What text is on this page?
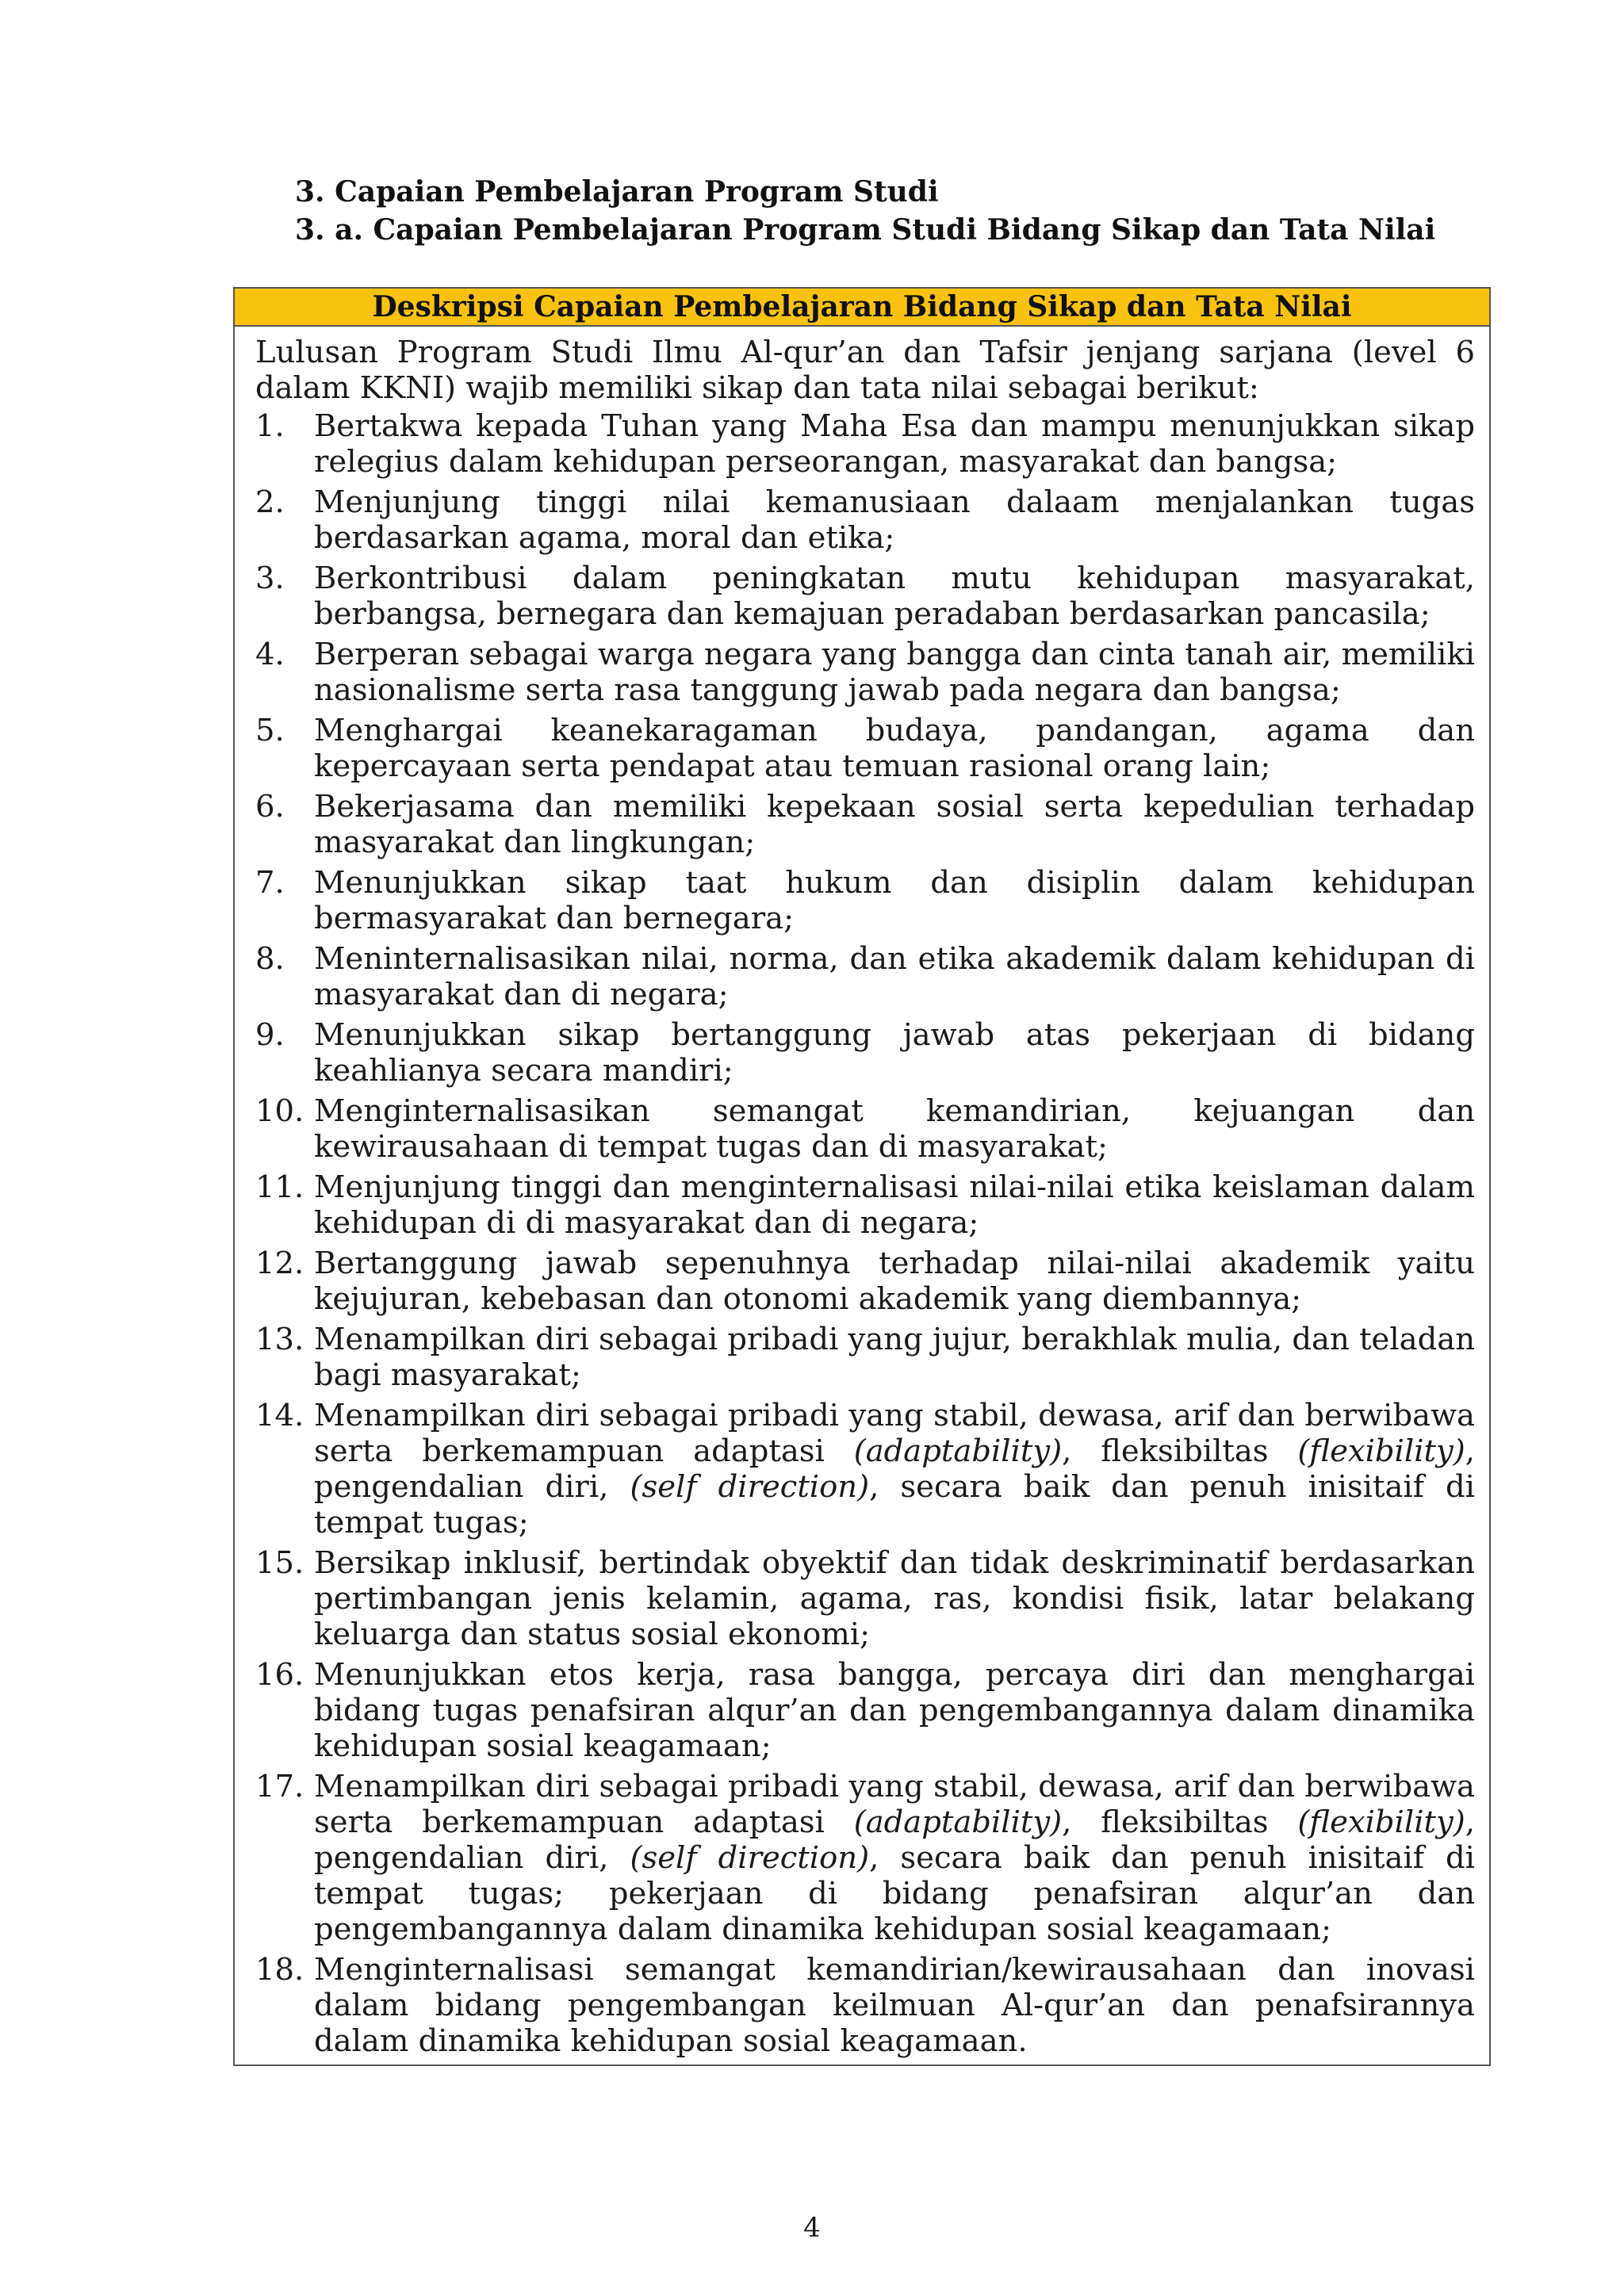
3. Capaian Pembelajaran Program Studi
3. a. Capaian Pembelajaran Program Studi Bidang Sikap dan Tata Nilai
Deskripsi Capaian Pembelajaran Bidang Sikap dan Tata Nilai
Lulusan Program Studi Ilmu Al-qur’an dan Tafsir jenjang sarjana (level 6 dalam KKNI) wajib memiliki sikap dan tata nilai sebagai berikut:
1. Bertakwa kepada Tuhan yang Maha Esa dan mampu menunjukkan sikap relegius dalam kehidupan perseorangan, masyarakat dan bangsa;
2. Menjunjung tinggi nilai kemanusiaan dalaam menjalankan tugas berdasarkan agama, moral dan etika;
3. Berkontribusi dalam peningkatan mutu kehidupan masyarakat, berbangsa, bernegara dan kemajuan peradaban berdasarkan pancasila;
4. Berperan sebagai warga negara yang bangga dan cinta tanah air, memiliki nasionalisme serta rasa tanggung jawab pada negara dan bangsa;
5. Menghargai keanekaragaman budaya, pandangan, agama dan kepercayaan serta pendapat atau temuan rasional orang lain;
6. Bekerjasama dan memiliki kepekaan sosial serta kepedulian terhadap masyarakat dan lingkungan;
7. Menunjukkan sikap taat hukum dan disiplin dalam kehidupan bermasyarakat dan bernegara;
8. Meninternalisasikan nilai, norma, dan etika akademik dalam kehidupan di masyarakat dan di negara;
9. Menunjukkan sikap bertanggung jawab atas pekerjaan di bidang keahlianya secara mandiri;
10. Menginternalisasikan semangat kemandirian, kejuangan dan kewirausahaan di tempat tugas dan di masyarakat;
11. Menjunjung tinggi dan menginternalisasi nilai-nilai etika keislaman dalam kehidupan di di masyarakat dan di negara;
12. Bertanggung jawab sepenuhnya terhadap nilai-nilai akademik yaitu kejujuran, kebebasan dan otonomi akademik yang diembannya;
13. Menampilkan diri sebagai pribadi yang jujur, berakhlak mulia, dan teladan bagi masyarakat;
14. Menampilkan diri sebagai pribadi yang stabil, dewasa, arif dan berwibawa serta berkemampuan adaptasi (adaptability), fleksibiltas (flexibility), pengendalian diri, (self direction), secara baik dan penuh inisitaif di tempat tugas;
15. Bersikap inklusif, bertindak obyektif dan tidak deskriminatif berdasarkan pertimbangan jenis kelamin, agama, ras, kondisi fisik, latar belakang keluarga dan status sosial ekonomi;
16. Menunjukkan etos kerja, rasa bangga, percaya diri dan menghargai bidang tugas penafsiran alqur’an dan pengembangannya dalam dinamika kehidupan sosial keagamaan;
17. Menampilkan diri sebagai pribadi yang stabil, dewasa, arif dan berwibawa serta berkemampuan adaptasi (adaptability), fleksibiltas (flexibility), pengendalian diri, (self direction), secara baik dan penuh inisitaif di tempat tugas; pekerjaan di bidang penafsiran alqur’an dan pengembangannya dalam dinamika kehidupan sosial keagamaan;
18. Menginternalisasi semangat kemandirian/kewirausahaan dan inovasi dalam bidang pengembangan keilmuan Al-qur’an dan penafsirannya dalam dinamika kehidupan sosial keagamaan.
4
